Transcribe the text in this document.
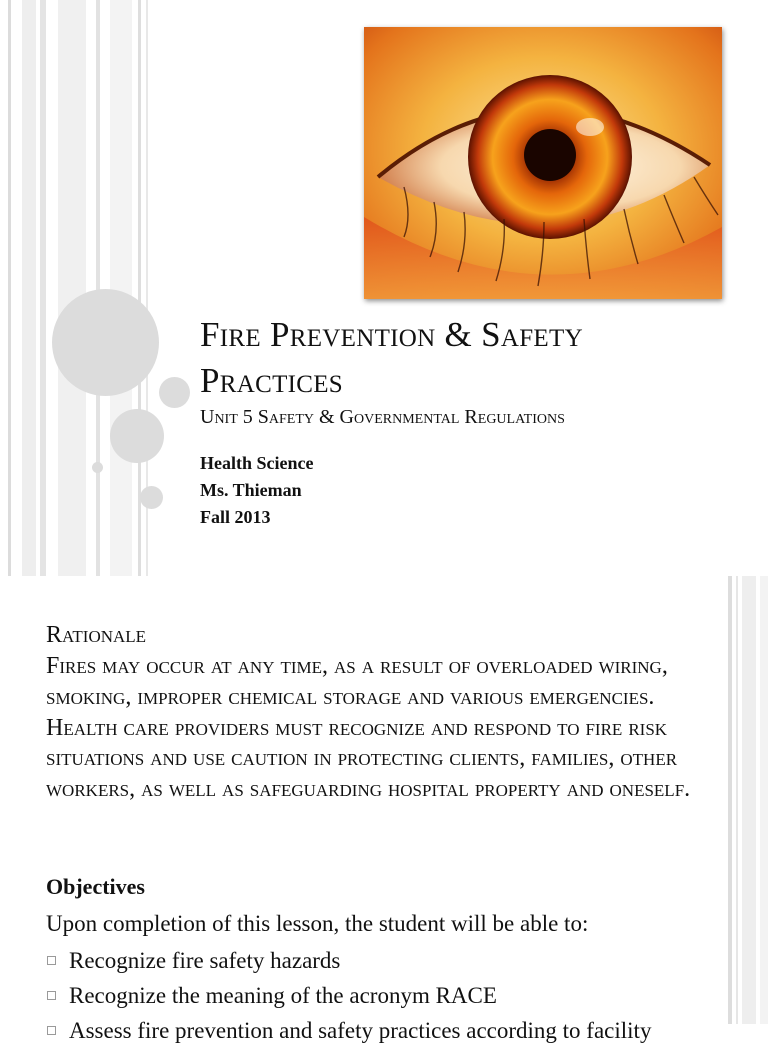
Fire Prevention & Safety
Practices

Unit 5 Safety & Governmental Regulations

Health Science
Ms. Thieman
Fall 2013
Rationale

Fires may occur at any time, as a result of overloaded wiring, smoking, improper chemical storage and various emergencies. Health care providers must recognize and respond to fire risk situations and use caution in protecting clients, families, other workers, as well as safeguarding hospital property and oneself.

Objectives

Upon completion of this lesson, the student will be able to:

Recognize fire safety hazards
Recognize the meaning of the acronym RACE
Assess fire prevention and safety practices according to facility
